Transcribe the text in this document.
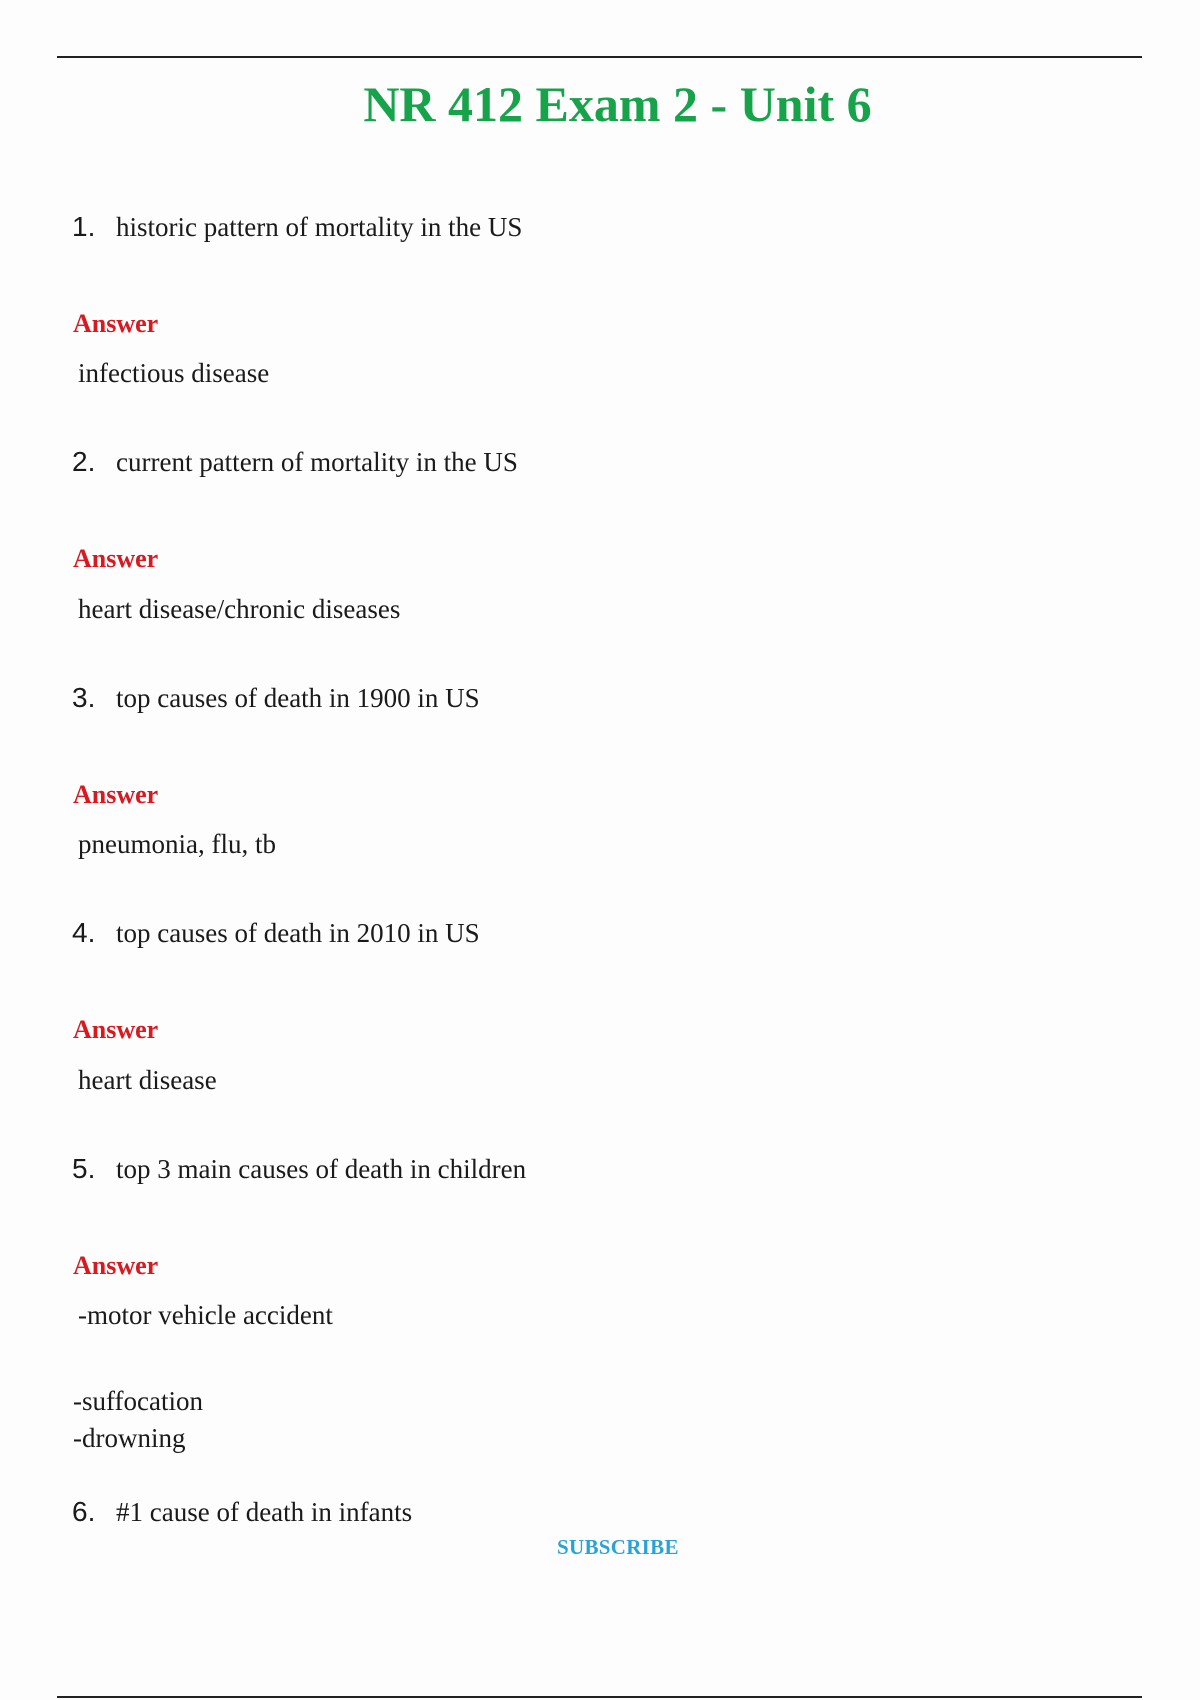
NR 412 Exam 2 - Unit 6
1. historic pattern of mortality in the US
Answer
infectious disease
2. current pattern of mortality in the US
Answer
heart disease/chronic diseases
3. top causes of death in 1900 in US
Answer
pneumonia, flu, tb
4. top causes of death in 2010 in US
Answer
heart disease
5. top 3 main causes of death in children
Answer
-motor vehicle accident
-suffocation
-drowning
6. #1 cause of death in infants
SUBSCRIBE
